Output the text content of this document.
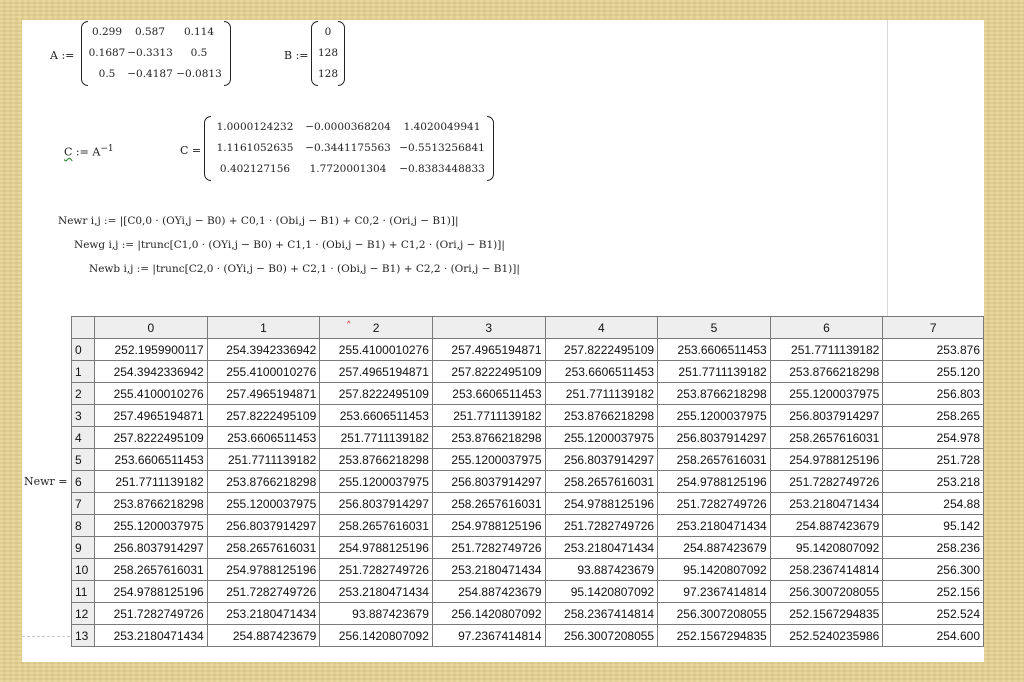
A :=
0.299	0.587	0.114
0.1687 −0.3313	0.5
0.5	−0.4187 −0.0813
B :=
0
128
128
C := $A^{-1}$	C =
1.0000124232	−0.0000368204	1.4020049941
1.1161052635	−0.3441175563 −0.5513256841
0.402127156	1.7720001304	−0.8383448833
Newr i,j := |[C0,0 · (OYi,j − B0) + C0,1 · (Obi,j − B1) + C0,2 · (Ori,j − B1)]|
Newg i,j := |trunc[C1,0 · (OYi,j − B0) + C1,1 · (Obi,j − B1) + C1,2 · (Ori,j − B1)]|
Newb i,j := |trunc[C2,0 · (OYi,j − B0) + C2,1 · (Obi,j − B1) + C2,2 · (Ori,j − B1)]|
Newr =
	0	1	2	3	4	5	6	7
0	252.1959900117	254.3942336942	255.4100010276	257.4965194871	257.8222495109	253.6606511453	251.7711139182	253.876
1	254.3942336942	255.4100010276	257.4965194871	257.8222495109	253.6606511453	251.7711139182	253.8766218298	255.120
2	255.4100010276	257.4965194871	257.8222495109	253.6606511453	251.7711139182	253.8766218298	255.1200037975	256.803
3	257.4965194871	257.8222495109	253.6606511453	251.7711139182	253.8766218298	255.1200037975	256.8037914297	258.265
4	257.8222495109	253.6606511453	251.7711139182	253.8766218298	255.1200037975	256.8037914297	258.2657616031	254.978
5	253.6606511453	251.7711139182	253.8766218298	255.1200037975	256.8037914297	258.2657616031	254.9788125196	251.728
6	251.7711139182	253.8766218298	255.1200037975	256.8037914297	258.2657616031	254.9788125196	251.7282749726	253.218
7	253.8766218298	255.1200037975	256.8037914297	258.2657616031	254.9788125196	251.7282749726	253.2180471434	254.88
8	255.1200037975	256.8037914297	258.2657616031	254.9788125196	251.7282749726	253.2180471434	254.887423679	95.142
9	256.8037914297	258.2657616031	254.9788125196	251.7282749726	253.2180471434	254.887423679	95.1420807092	258.236
10	258.2657616031	254.9788125196	251.7282749726	253.2180471434	93.887423679	95.1420807092	258.2367414814	256.300
11	254.9788125196	251.7282749726	253.2180471434	254.887423679	95.1420807092	97.2367414814	256.3007208055	252.156
12	251.7282749726	253.2180471434	93.887423679	256.1420807092	258.2367414814	256.3007208055	252.1567294835	252.524
13	253.2180471434	254.887423679	256.1420807092	97.2367414814	256.3007208055	252.1567294835	252.5240235986	254.600
˄
